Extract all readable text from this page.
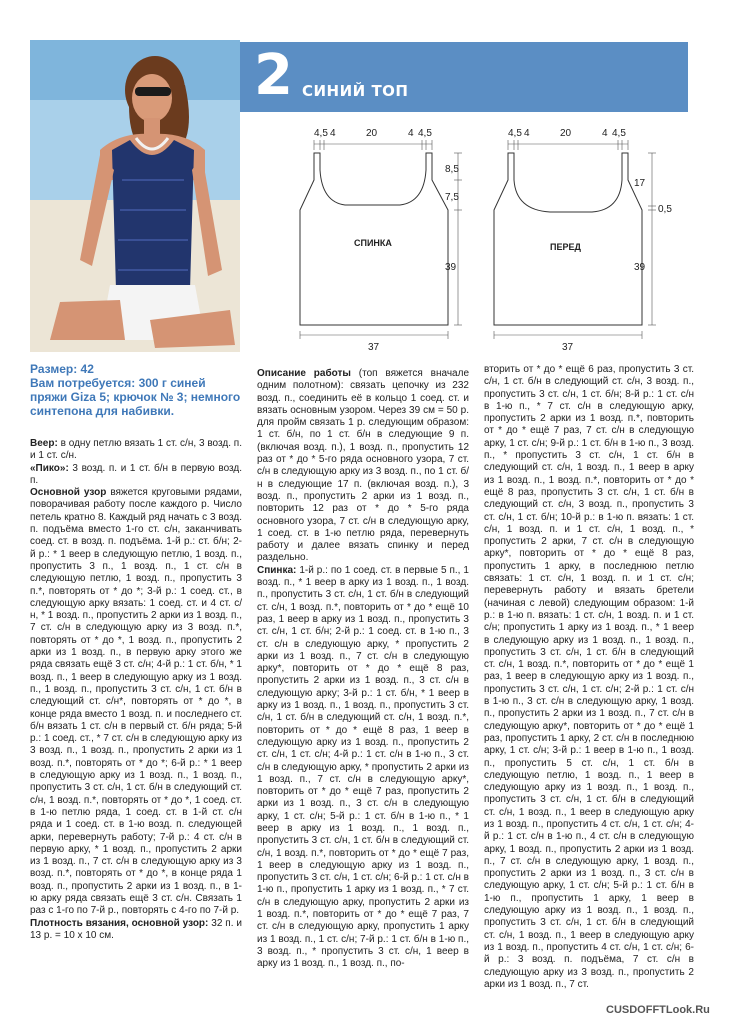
2 СИНИЙ ТОП
4,5 4	20	4 4,5
8,5
7,5
39
37
СПИНКА
4,5 4	20	4 4,5
17
0,5
39
37
ПЕРЕД
Размер: 42
Вам потребуется: 300 г синей пряжи Giza 5; крючок № 3; немного синтепона для набивки.

Веер: в одну петлю вязать 1 ст. с/н, 3 возд. п. и 1 ст. с/н.

«Пико»: 3 возд. п. и 1 ст. б/н в первую возд. п.

Основной узор вяжется круговыми рядами, поворачивая работу после каждого р. Число петель кратно 8. Каждый ряд начать с 3 возд. п. подъёма вместо 1-го ст. с/н, заканчивать соед. ст. в возд. п. подъёма. 1-й р.: ст. б/н; 2-й р.: * 1 веер в следующую петлю, 1 возд. п., пропустить 3 п., 1 возд. п., 1 ст. с/н в следующую петлю, 1 возд. п., пропустить 3 п.*, повторять от * до *; 3-й р.: 1 соед. ст., в следующую арку вязать: 1 соед. ст. и 4 ст. с/н, * 1 возд. п., пропустить 2 арки из 1 возд. п., 7 ст. с/н в следующую арку из 3 возд. п.*, повторять от * до *, 1 возд. п., пропустить 2 арки из 1 возд. п., в первую арку этого же ряда связать ещё 3 ст. с/н; 4-й р.: 1 ст. б/н, * 1 возд. п., 1 веер в следующую арку из 1 возд. п., 1 возд. п., пропустить 3 ст. с/н, 1 ст. б/н в следующий ст. с/н*, повторять от * до *, в конце ряда вместо 1 возд. п. и последнего ст. б/н вязать 1 ст. с/н в первый ст. б/н ряда; 5-й р.: 1 соед. ст., * 7 ст. с/н в следующую арку из 3 возд. п., 1 возд. п., пропустить 2 арки из 1 возд. п.*, повторять от * до *; 6-й р.: * 1 веер в следующую арку из 1 возд. п., 1 возд. п., пропустить 3 ст. с/н, 1 ст. б/н в следующий ст. с/н, 1 возд. п.*, повторять от * до *, 1 соед. ст. в 1-ю петлю ряда, 1 соед. ст. в 1-й ст. с/н ряда и 1 соед. ст. в 1-ю возд. п. следующей арки, перевернуть работу; 7-й р.: 4 ст. с/н в первую арку, * 1 возд. п., пропустить 2 арки из 1 возд. п., 7 ст. с/н в следующую арку из 3 возд. п.*, повторять от * до *, в конце ряда 1 возд. п., пропустить 2 арки из 1 возд. п., в 1-ю арку ряда связать ещё 3 ст. с/н. Связать 1 раз с 1-го по 7-й р., повторять с 4-го по 7-й р.

Плотность вязания, основной узор: 32 п. и 13 р. = 10 х 10 см.

Описание работы (топ вяжется вначале одним полотном): связать цепочку из 232 возд. п., соединить её в кольцо 1 соед. ст. и вязать основным узором. Через 39 см = 50 р. для пройм связать 1 р. следующим образом: 1 ст. б/н, по 1 ст. б/н в следующие 9 п. (включая возд. п.), 1 возд. п., пропустить 12 раз от * до * 5-го ряда основного узора, 7 ст. с/н в следующую арку из 3 возд. п., по 1 ст. б/н в следующие 17 п. (включая возд. п.), 3 возд. п., пропустить 2 арки из 1 возд. п., повторить 12 раз от * до * 5-го ряда основного узора, 7 ст. с/н в следующую арку, 1 соед. ст. в 1-ю петлю ряда, перевернуть работу и далее вязать спинку и перед раздельно.

Спинка: 1-й р.: по 1 соед. ст. в первые 5 п., 1 возд. п., * 1 веер в арку из 1 возд. п., 1 возд. п., пропустить 3 ст. с/н, 1 ст. б/н в следующий ст. с/н, 1 возд. п.*, повторить от * до * ещё 10 раз, 1 веер в арку из 1 возд. п., пропустить 3 ст. с/н, 1 ст. б/н; 2-й р.: 1 соед. ст. в 1-ю п., 3 ст. с/н в следующую арку, * пропустить 2 арки из 1 возд. п., 7 ст. с/н в следующую арку*, повторить от * до * ещё 8 раз, пропустить 2 арки из 1 возд. п., 3 ст. с/н в следующую арку; 3-й р.: 1 ст. б/н, * 1 веер в арку из 1 возд. п., 1 возд. п., пропустить 3 ст. с/н, 1 ст. б/н в следующий ст. с/н, 1 возд. п.*, повторить от * до * ещё 8 раз, 1 веер в следующую арку из 1 возд. п., пропустить 2 ст. с/н, 1 ст. с/н; 4-й р.: 1 ст. с/н в 1-ю п., 3 ст. с/н в следующую арку, * пропустить 2 арки из 1 возд. п., 7 ст. с/н в следующую арку*, повторить от * до * ещё 7 раз, пропустить 2 арки из 1 возд. п., 3 ст. с/н в следующую арку, 1 ст. с/н; 5-й р.: 1 ст. б/н в 1-ю п., * 1 веер в арку из 1 возд. п., 1 возд. п., пропустить 3 ст. с/н, 1 ст. б/н в следующий ст. с/н, 1 возд. п.*, повторить от * до * ещё 7 раз, 1 веер в следующую арку из 1 возд. п., пропустить 3 ст. с/н, 1 ст. с/н; 6-й р.: 1 ст. с/н в 1-ю п., пропустить 1 арку из 1 возд. п., * 7 ст. с/н в следующую арку, пропустить 2 арки из 1 возд. п.*, повторить от * до * ещё 7 раз, 7 ст. с/н в следующую арку, пропустить 1 арку из 1 возд. п., 1 ст. с/н; 7-й р.: 1 ст. б/н в 1-ю п., 3 возд. п., * пропустить 3 ст. с/н, 1 веер в арку из 1 возд. п., 1 возд. п., по-

вторить от * до * ещё 6 раз, пропустить 3 ст. с/н, 1 ст. б/н в следующий ст. с/н, 3 возд. п., пропустить 3 ст. с/н, 1 ст. б/н; 8-й р.: 1 ст. с/н в 1-ю п., * 7 ст. с/н в следующую арку, пропустить 2 арки из 1 возд. п.*, повторить от * до * ещё 7 раз, 7 ст. с/н в следующую арку, 1 ст. с/н; 9-й р.: 1 ст. б/н в 1-ю п., 3 возд. п., * пропустить 3 ст. с/н, 1 ст. б/н в следующий ст. с/н, 1 возд. п., 1 веер в арку из 1 возд. п., 1 возд. п.*, повторить от * до * ещё 8 раз, пропустить 3 ст. с/н, 1 ст. б/н в следующий ст. с/н, 3 возд. п., пропустить 3 ст. с/н, 1 ст. б/н; 10-й р.: в 1-ю п. вязать: 1 ст. с/н, 1 возд. п. и 1 ст. с/н, 1 возд. п., * пропустить 2 арки, 7 ст. с/н в следующую арку*, повторить от * до * ещё 8 раз, пропустить 1 арку, в последнюю петлю связать: 1 ст. с/н, 1 возд. п. и 1 ст. с/н; перевернуть работу и вязать бретели (начиная с левой) следующим образом: 1-й р.: в 1-ю п. вязать: 1 ст. с/н, 1 возд. п. и 1 ст. с/н; пропустить 1 арку из 1 возд. п., * 1 веер в следующую арку из 1 возд. п., 1 возд. п., пропустить 3 ст. с/н, 1 ст. б/н в следующий ст. с/н, 1 возд. п.*, повторить от * до * ещё 1 раз, 1 веер в следующую арку из 1 возд. п., пропустить 3 ст. с/н, 1 ст. с/н; 2-й р.: 1 ст. с/н в 1-ю п., 3 ст. с/н в следующую арку, 1 возд. п., пропустить 2 арки из 1 возд. п., 7 ст. с/н в следующую арку*, повторить от * до * ещё 1 раз, пропустить 1 арку, 2 ст. с/н в последнюю арку, 1 ст. с/н; 3-й р.: 1 веер в 1-ю п., 1 возд. п., пропустить 5 ст. с/н, 1 ст. б/н в следующую петлю, 1 возд. п., 1 веер в следующую арку из 1 возд. п., 1 возд. п., пропустить 3 ст. с/н, 1 ст. б/н в следующий ст. с/н, 1 возд. п., 1 веер в следующую арку из 1 возд. п., пропустить 4 ст. с/н, 1 ст. с/н; 4-й р.: 1 ст. с/н в 1-ю п., 4 ст. с/н в следующую арку, 1 возд. п., пропустить 2 арки из 1 возд. п., 7 ст. с/н в следующую арку, 1 возд. п., пропустить 2 арки из 1 возд. п., 3 ст. с/н в следующую арку, 1 ст. с/н; 5-й р.: 1 ст. б/н в 1-ю п., пропустить 1 арку, 1 веер в следующую арку из 1 возд. п., 1 возд. п., пропустить 3 ст. с/н, 1 ст. б/н в следующий ст. с/н, 1 возд. п., 1 веер в следующую арку из 1 возд. п., пропустить 4 ст. с/н, 1 ст. с/н; 6-й р.: 3 возд. п. подъёма, 7 ст. с/н в следующую арку из 3 возд. п., пропустить 2 арки из 1 возд. п., 7 ст.

CUSDOFFTLook.Ru
